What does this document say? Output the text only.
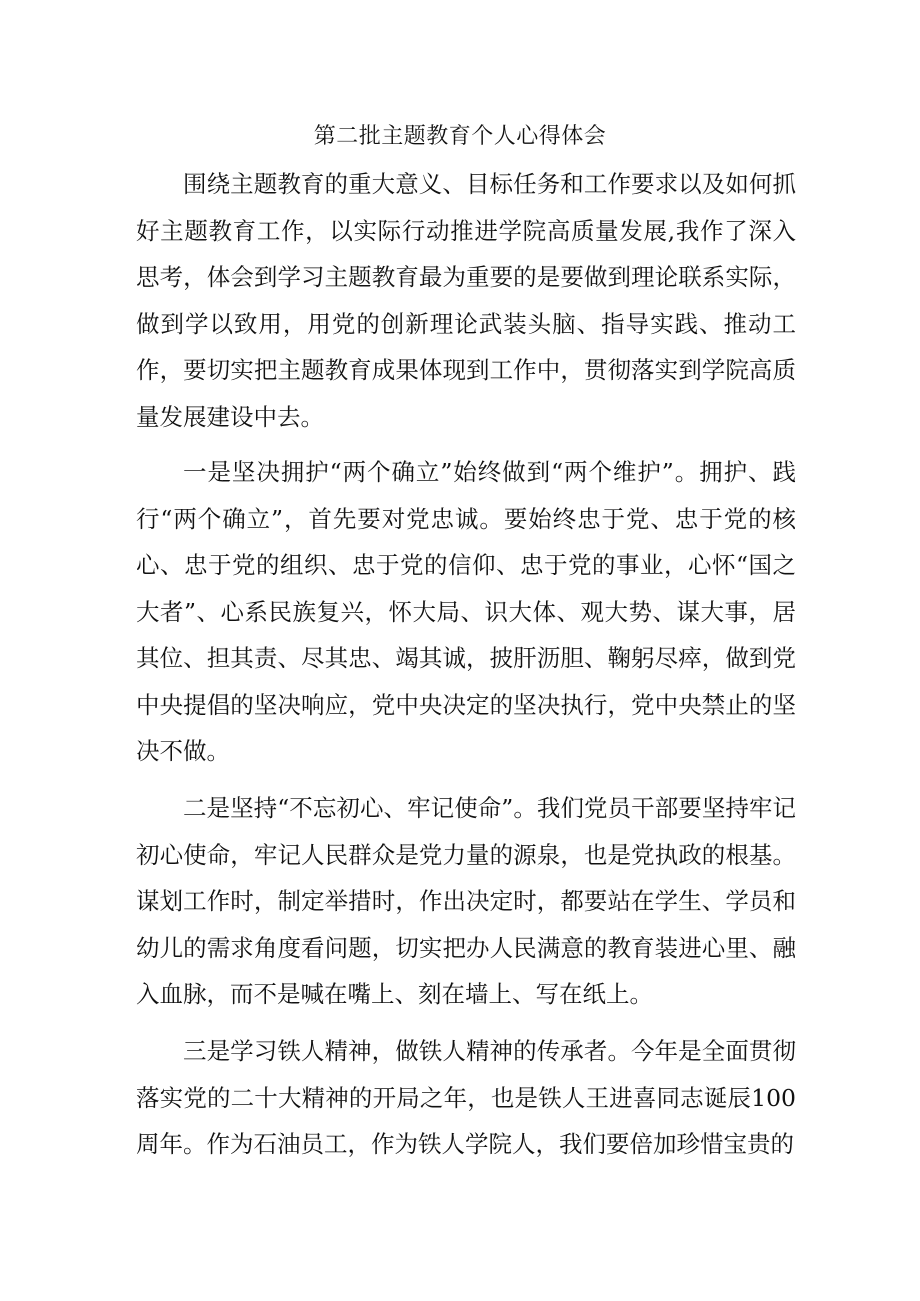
第二批主题教育个人心得体会

围绕主题教育的重大意义、目标任务和工作要求以及如何抓好主题教育工作，以实际行动推进学院高质量发展,我作了深入思考，体会到学习主题教育最为重要的是要做到理论联系实际，做到学以致用，用党的创新理论武装头脑、指导实践、推动工作，要切实把主题教育成果体现到工作中，贯彻落实到学院高质量发展建设中去。

一是坚决拥护“两个确立”始终做到“两个维护”。拥护、践行“两个确立”，首先要对党忠诚。要始终忠于党、忠于党的核心、忠于党的组织、忠于党的信仰、忠于党的事业，心怀“国之大者”、心系民族复兴，怀大局、识大体、观大势、谋大事，居其位、担其责、尽其忠、竭其诚，披肝沥胆、鞠躬尽瘁，做到党中央提倡的坚决响应，党中央决定的坚决执行，党中央禁止的坚决不做。

二是坚持“不忘初心、牢记使命”。我们党员干部要坚持牢记初心使命，牢记人民群众是党力量的源泉，也是党执政的根基。谋划工作时，制定举措时，作出决定时，都要站在学生、学员和幼儿的需求角度看问题，切实把办人民满意的教育装进心里、融入血脉，而不是喊在嘴上、刻在墙上、写在纸上。

三是学习铁人精神，做铁人精神的传承者。今年是全面贯彻落实党的二十大精神的开局之年，也是铁人王进喜同志诞辰100周年。作为石油员工，作为铁人学院人，我们要倍加珍惜宝贵的
